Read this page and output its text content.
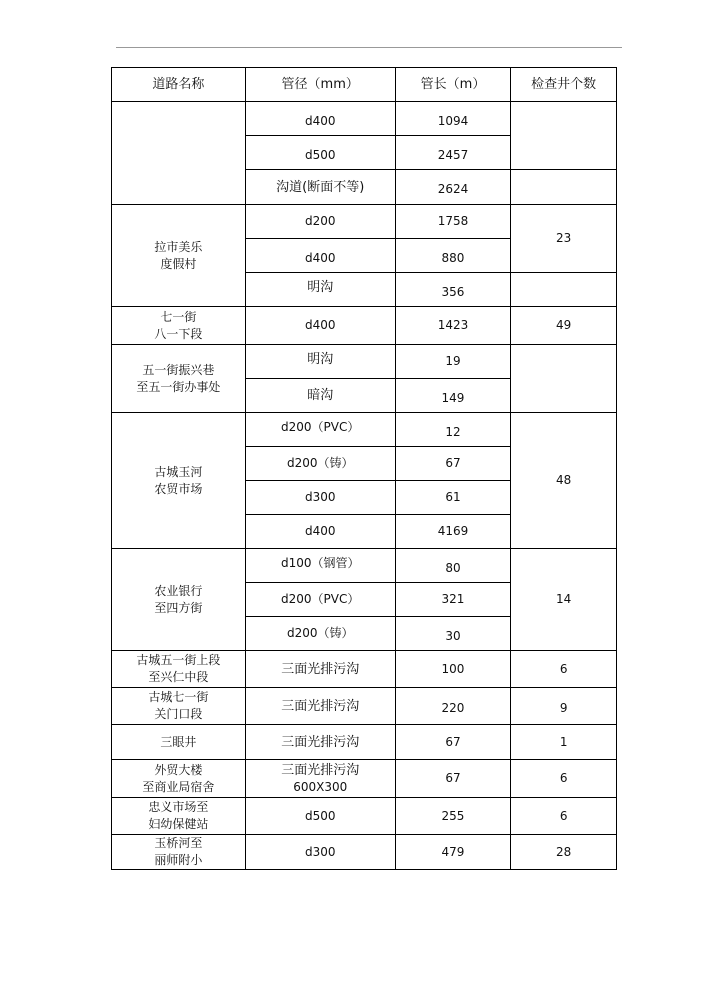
道路名称	管径（mm）	管长（m）	检查井个数
	d400	1094	
	d500	2457	
	沟道(断面不等)	2624	

拉市美乐
度假村	d200	1758	23
	d400	880	
	明沟	356	

七一街
八一下段	d400	1423	49

五一街振兴巷
至五一街办事处	明沟	19	
	暗沟	149	

古城玉河
农贸市场	d200（PVC）	12	48
	d200（铸）	67	
	d300	61	
	d400	4169	

农业银行
至四方街	d100（钢管）	80	14
	d200（PVC）	321	
	d200（铸）	30	

古城五一街上段
至兴仁中段	三面光排污沟	100	6

古城七一街
关门口段	三面光排污沟	220	9
三眼井	三面光排污沟	67	1

外贸大楼
至商业局宿舍	三面光排污沟
600X300	67	6

忠义市场至
妇幼保健站	d500	255	6

玉桥河至
丽师附小	d300	479	28
